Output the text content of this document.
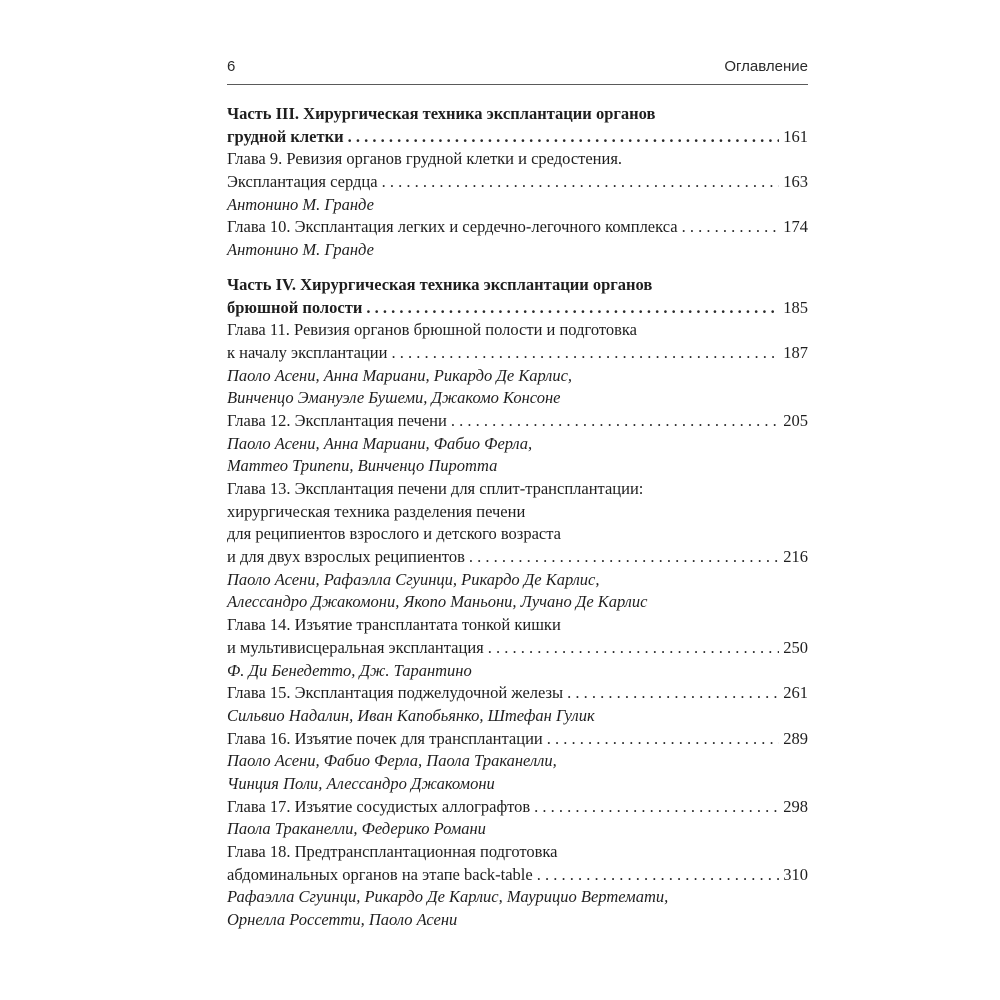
6	Оглавление
Часть III. Хирургическая техника эксплантации органов
грудной клетки . . .	161
Глава 9. Ревизия органов грудной клетки и средостения.
Эксплантация сердца . . .	163
Антонино М. Гранде
Глава 10. Эксплантация легких и сердечно-легочного комплекса . . .	174
Антонино М. Гранде
Часть IV. Хирургическая техника эксплантации органов
брюшной полости . . .	185
Глава 11. Ревизия органов брюшной полости и подготовка
к началу эксплантации . . .	187
Паоло Асени, Анна Мариани, Рикардо Де Карлис,
Винченцо Эмануэле Бушеми, Джакомо Консоне
Глава 12. Эксплантация печени . . .	205
Паоло Асени, Анна Мариани, Фабио Ферла,
Маттео Трипепи, Винченцо Пиротта
Глава 13. Эксплантация печени для сплит-трансплантации:
хирургическая техника разделения печени
для реципиентов взрослого и детского возраста
и для двух взрослых реципиентов . . .	216
Паоло Асени, Рафаэлла Сгуинци, Рикардо Де Карлис,
Алессандро Джакомони, Якопо Маньони, Лучано Де Карлис
Глава 14. Изъятие трансплантата тонкой кишки
и мультивисцеральная эксплантация . . .	250
Ф. Ди Бенедетто, Дж. Тарантино
Глава 15. Эксплантация поджелудочной железы . . .	261
Сильвио Надалин, Иван Капобьянко, Штефан Гулик
Глава 16. Изъятие почек для трансплантации . . .	289
Паоло Асени, Фабио Ферла, Паола Траканелли,
Чинция Поли, Алессандро Джакомони
Глава 17. Изъятие сосудистых аллографтов . . .	298
Паола Траканелли, Федерико Романи
Глава 18. Предтрансплантационная подготовка
абдоминальных органов на этапе back-table . . .	310
Рафаэлла Сгуинци, Рикардо Де Карлис, Маурицио Вертемати,
Орнелла Россетти, Паоло Асени
